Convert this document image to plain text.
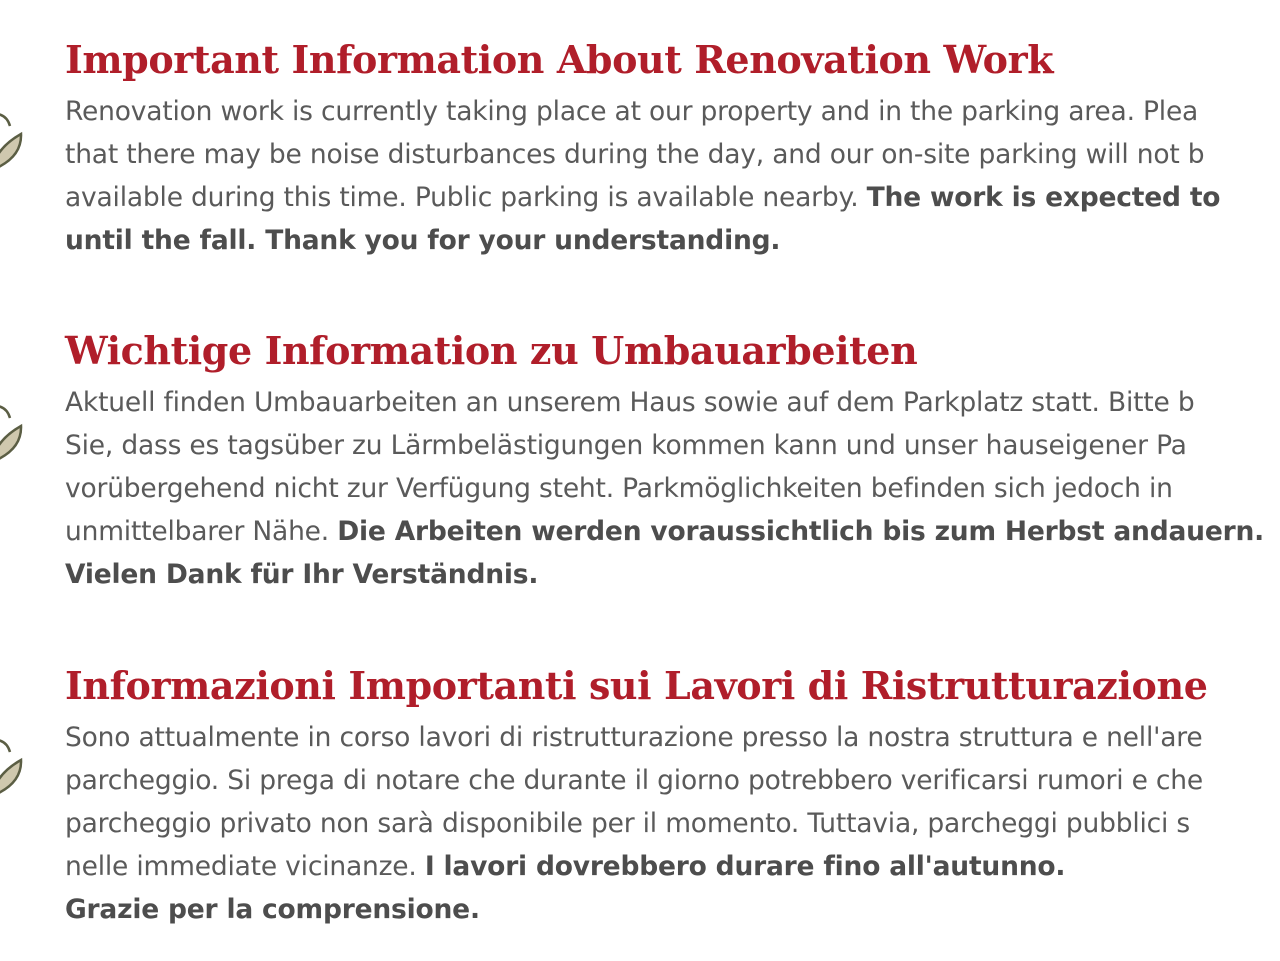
Important Information About Renovation Work

Renovation work is currently taking place at our property and in the parking area. Plea
that there may be noise disturbances during the day, and our on-site parking will not b
available during this time. Public parking is available nearby. The work is expected to
until the fall. Thank you for your understanding.

Wichtige Information zu Umbauarbeiten

Aktuell finden Umbauarbeiten an unserem Haus sowie auf dem Parkplatz statt. Bitte b
Sie, dass es tagsüber zu Lärmbelästigungen kommen kann und unser hauseigener Pa
vorübergehend nicht zur Verfügung steht. Parkmöglichkeiten befinden sich jedoch in
unmittelbarer Nähe. Die Arbeiten werden voraussichtlich bis zum Herbst andauern.
Vielen Dank für Ihr Verständnis.

Informazioni Importanti sui Lavori di Ristrutturazione

Sono attualmente in corso lavori di ristrutturazione presso la nostra struttura e nell'are
parcheggio. Si prega di notare che durante il giorno potrebbero verificarsi rumori e che
parcheggio privato non sarà disponibile per il momento. Tuttavia, parcheggi pubblici s
nelle immediate vicinanze. I lavori dovrebbero durare fino all'autunno.
Grazie per la comprensione.
